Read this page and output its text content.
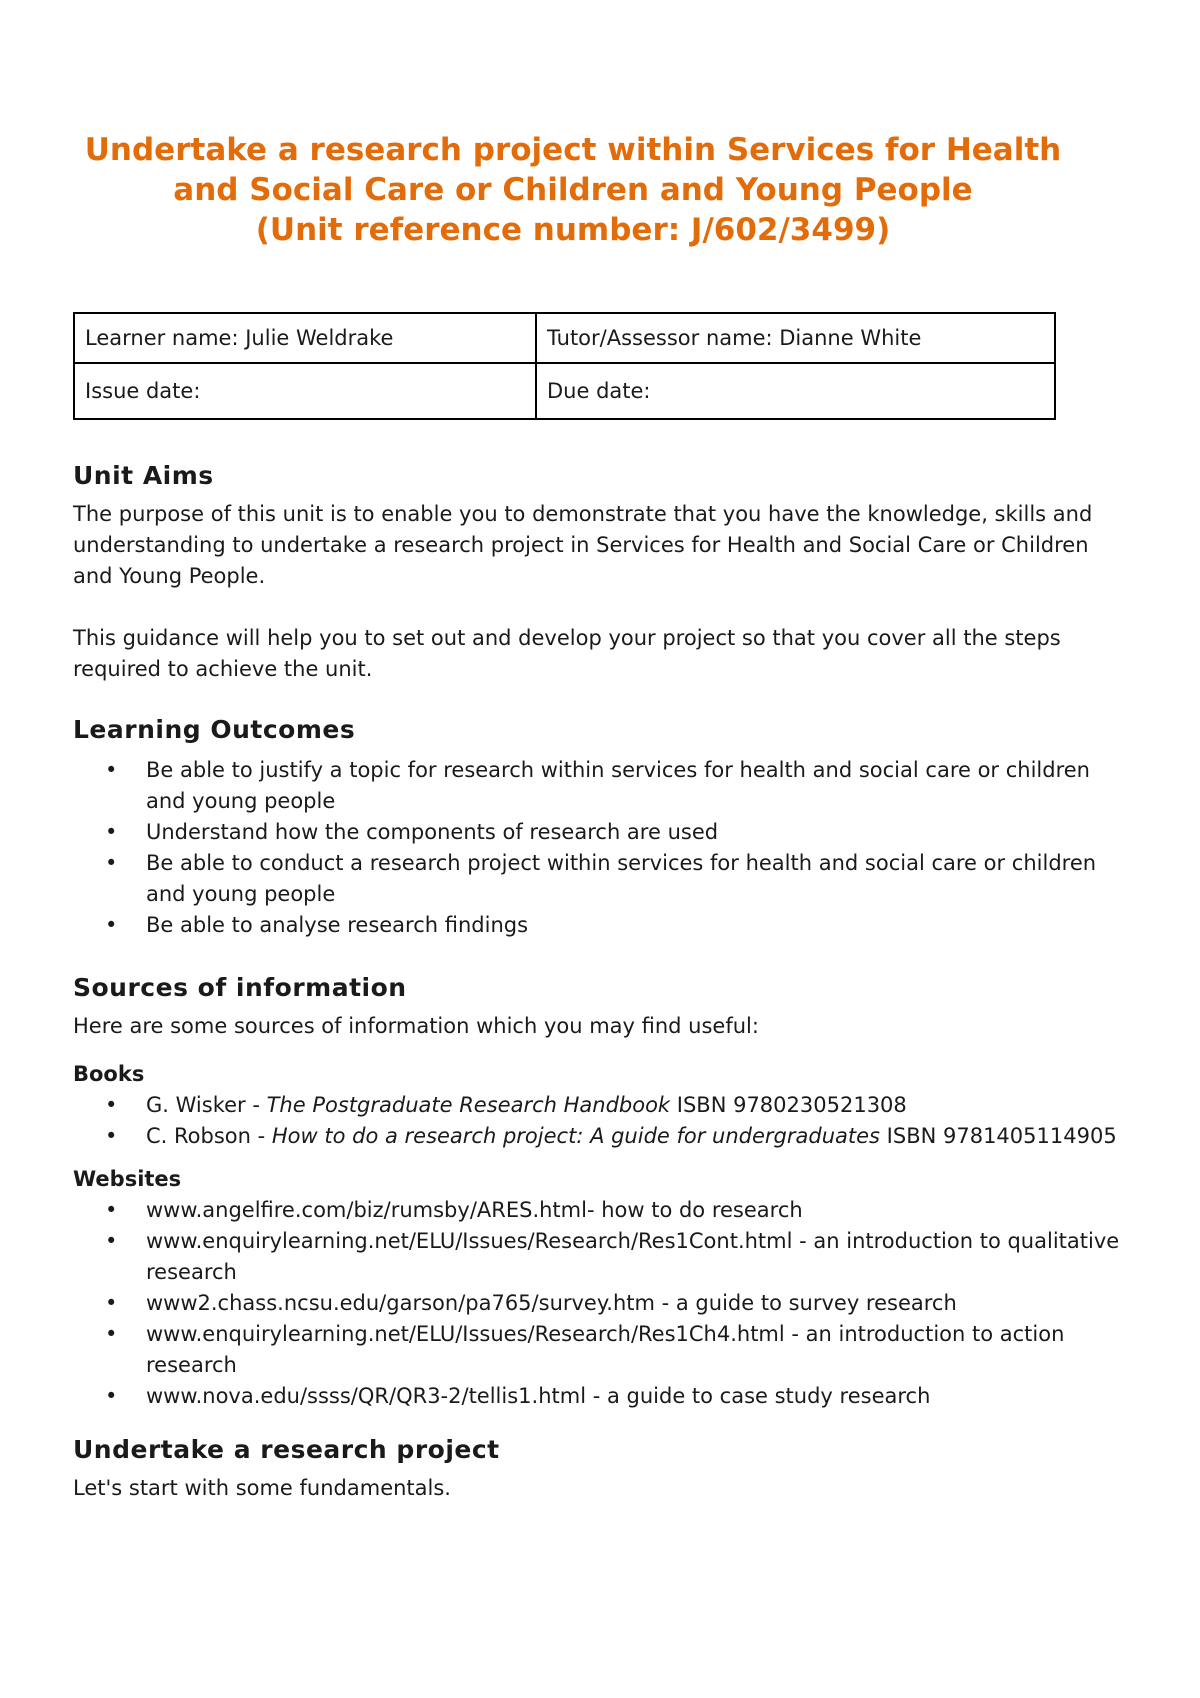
Undertake a research project within Services for Health
and Social Care or Children and Young People
(Unit reference number: J/602/3499)
Learner name: Julie Weldrake	Tutor/Assessor name: Dianne White
Issue date:	Due date:
Unit Aims

The purpose of this unit is to enable you to demonstrate that you have the knowledge, skills and understanding to undertake a research project in Services for Health and Social Care or Children and Young People.

This guidance will help you to set out and develop your project so that you cover all the steps required to achieve the unit.

Learning Outcomes
• Be able to justify a topic for research within services for health and social care or children and young people
• Understand how the components of research are used
• Be able to conduct a research project within services for health and social care or children and young people
• Be able to analyse research findings
Sources of information

Here are some sources of information which you may find useful:

Books
• G. Wisker - The Postgraduate Research Handbook ISBN 9780230521308
• C. Robson - How to do a research project: A guide for undergraduates ISBN 9781405114905
Websites
• www.angelfire.com/biz/rumsby/ARES.html- how to do research
• www.enquirylearning.net/ELU/Issues/Research/Res1Cont.html - an introduction to qualitative research
• www2.chass.ncsu.edu/garson/pa765/survey.htm - a guide to survey research
• www.enquirylearning.net/ELU/Issues/Research/Res1Ch4.html - an introduction to action research
• www.nova.edu/ssss/QR/QR3-2/tellis1.html - a guide to case study research
Undertake a research project

Let's start with some fundamentals.
